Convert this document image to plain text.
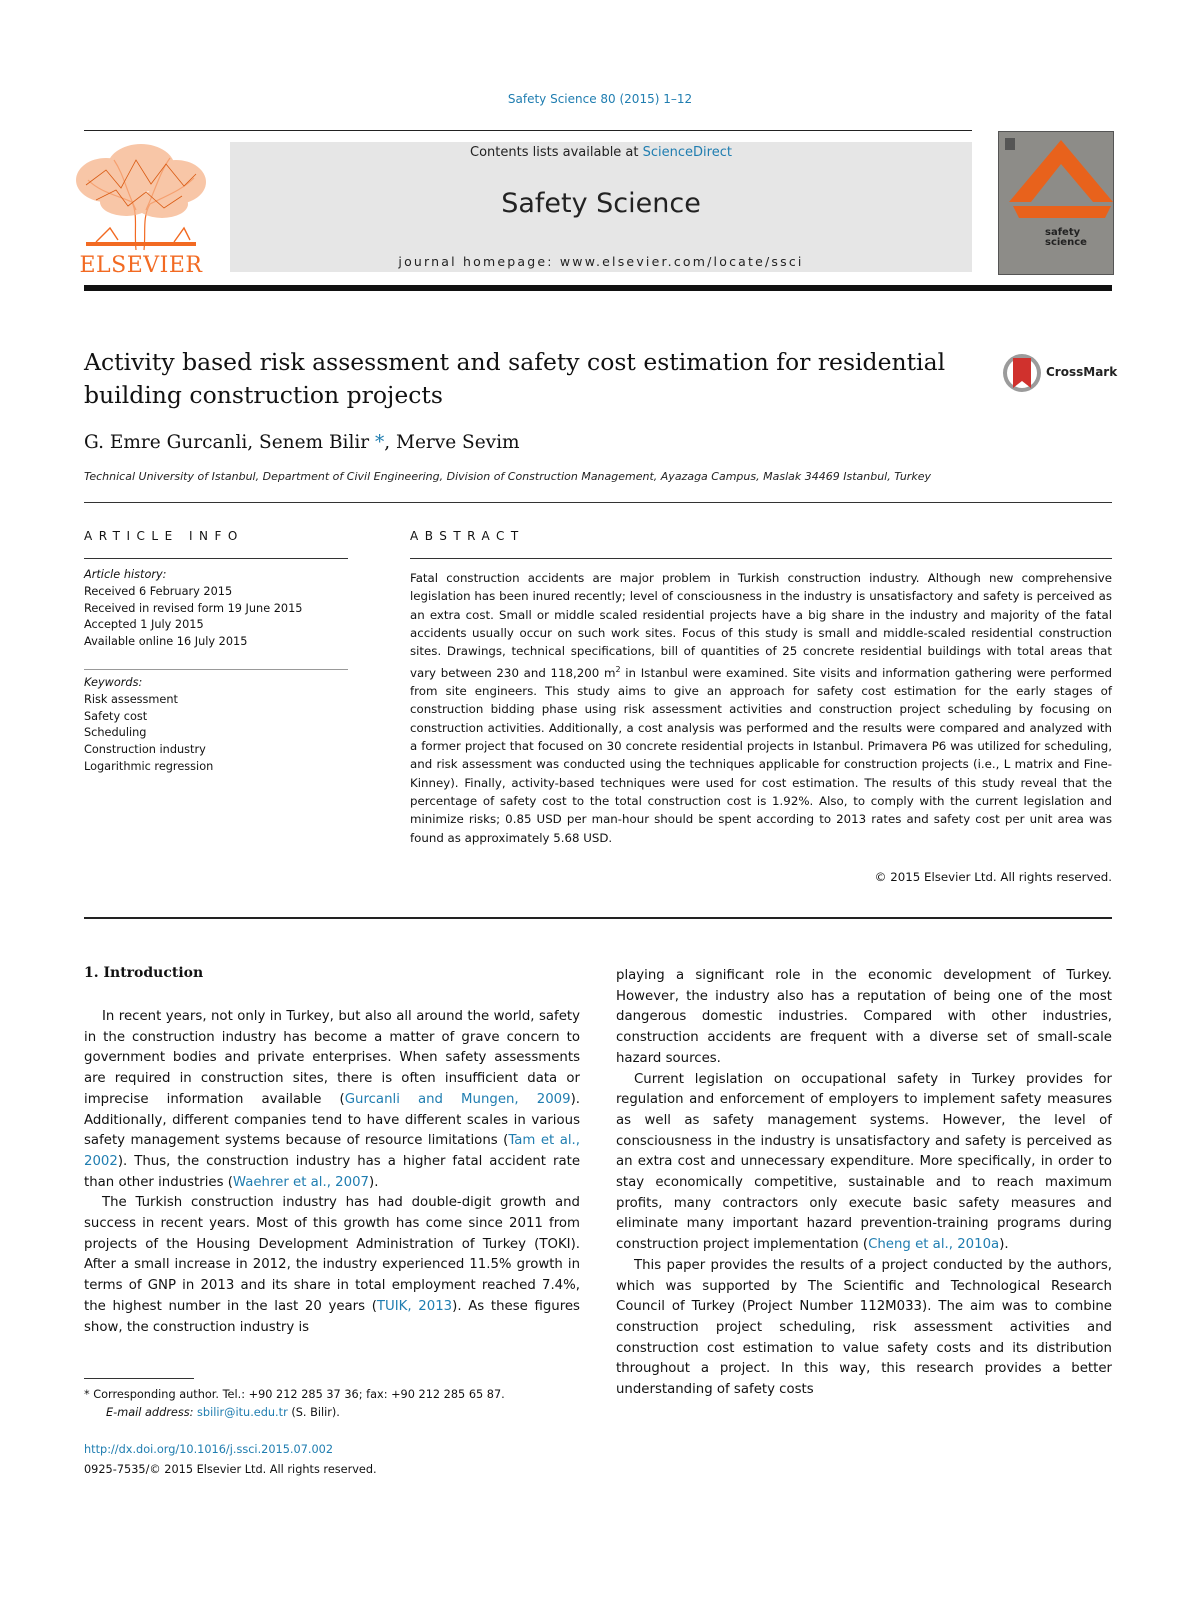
Safety Science 80 (2015) 1–12
ELSEVIER
Contents lists available at ScienceDirect
Safety Science
journal homepage: www.elsevier.com/locate/ssci
safety
science
Activity based risk assessment and safety cost estimation for residential
building construction projects
CrossMark
G. Emre Gurcanli, Senem Bilir *, Merve Sevim
Technical University of Istanbul, Department of Civil Engineering, Division of Construction Management, Ayazaga Campus, Maslak 34469 Istanbul, Turkey
ARTICLE INFO	ABSTRACT
Article history:
Received 6 February 2015
Received in revised form 19 June 2015
Accepted 1 July 2015
Available online 16 July 2015
Keywords:
Risk assessment
Safety cost
Scheduling
Construction industry
Logarithmic regression
Fatal construction accidents are major problem in Turkish construction industry. Although new comprehensive legislation has been inured recently; level of consciousness in the industry is unsatisfactory and safety is perceived as an extra cost. Small or middle scaled residential projects have a big share in the industry and majority of the fatal accidents usually occur on such work sites. Focus of this study is small and middle-scaled residential construction sites. Drawings, technical specifications, bill of quantities of 25 concrete residential buildings with total areas that vary between 230 and 118,200 $m^2$ in Istanbul were examined. Site visits and information gathering were performed from site engineers. This study aims to give an approach for safety cost estimation for the early stages of construction bidding phase using risk assessment activities and construction project scheduling by focusing on construction activities. Additionally, a cost analysis was performed and the results were compared and analyzed with a former project that focused on 30 concrete residential projects in Istanbul. Primavera P6 was utilized for scheduling, and risk assessment was conducted using the techniques applicable for construction projects (i.e., L matrix and Fine-Kinney). Finally, activity-based techniques were used for cost estimation. The results of this study reveal that the percentage of safety cost to the total construction cost is 1.92%. Also, to comply with the current legislation and minimize risks; 0.85 USD per man-hour should be spent according to 2013 rates and safety cost per unit area was found as approximately 5.68 USD.
© 2015 Elsevier Ltd. All rights reserved.
1. Introduction

In recent years, not only in Turkey, but also all around the world, safety in the construction industry has become a matter of grave concern to government bodies and private enterprises. When safety assessments are required in construction sites, there is often insufficient data or imprecise information available (Gurcanli and Mungen, 2009). Additionally, different companies tend to have different scales in various safety management systems because of resource limitations (Tam et al., 2002). Thus, the construction industry has a higher fatal accident rate than other industries (Waehrer et al., 2007).

The Turkish construction industry has had double-digit growth and success in recent years. Most of this growth has come since 2011 from projects of the Housing Development Administration of Turkey (TOKI). After a small increase in 2012, the industry experienced 11.5% growth in terms of GNP in 2013 and its share in total employment reached 7.4%, the highest number in the last 20 years (TUIK, 2013). As these figures show, the construction industry is

playing a significant role in the economic development of Turkey. However, the industry also has a reputation of being one of the most dangerous domestic industries. Compared with other industries, construction accidents are frequent with a diverse set of small-scale hazard sources.

Current legislation on occupational safety in Turkey provides for regulation and enforcement of employers to implement safety measures as well as safety management systems. However, the level of consciousness in the industry is unsatisfactory and safety is perceived as an extra cost and unnecessary expenditure. More specifically, in order to stay economically competitive, sustainable and to reach maximum profits, many contractors only execute basic safety measures and eliminate many important hazard prevention-training programs during construction project implementation (Cheng et al., 2010a).

This paper provides the results of a project conducted by the authors, which was supported by The Scientific and Technological Research Council of Turkey (Project Number 112M033). The aim was to combine construction project scheduling, risk assessment activities and construction cost estimation to value safety costs and its distribution throughout a project. In this way, this research provides a better understanding of safety costs

* Corresponding author. Tel.: +90 212 285 37 36; fax: +90 212 285 65 87.
E-mail address: sbilir@itu.edu.tr (S. Bilir).
http://dx.doi.org/10.1016/j.ssci.2015.07.002
0925-7535/© 2015 Elsevier Ltd. All rights reserved.
